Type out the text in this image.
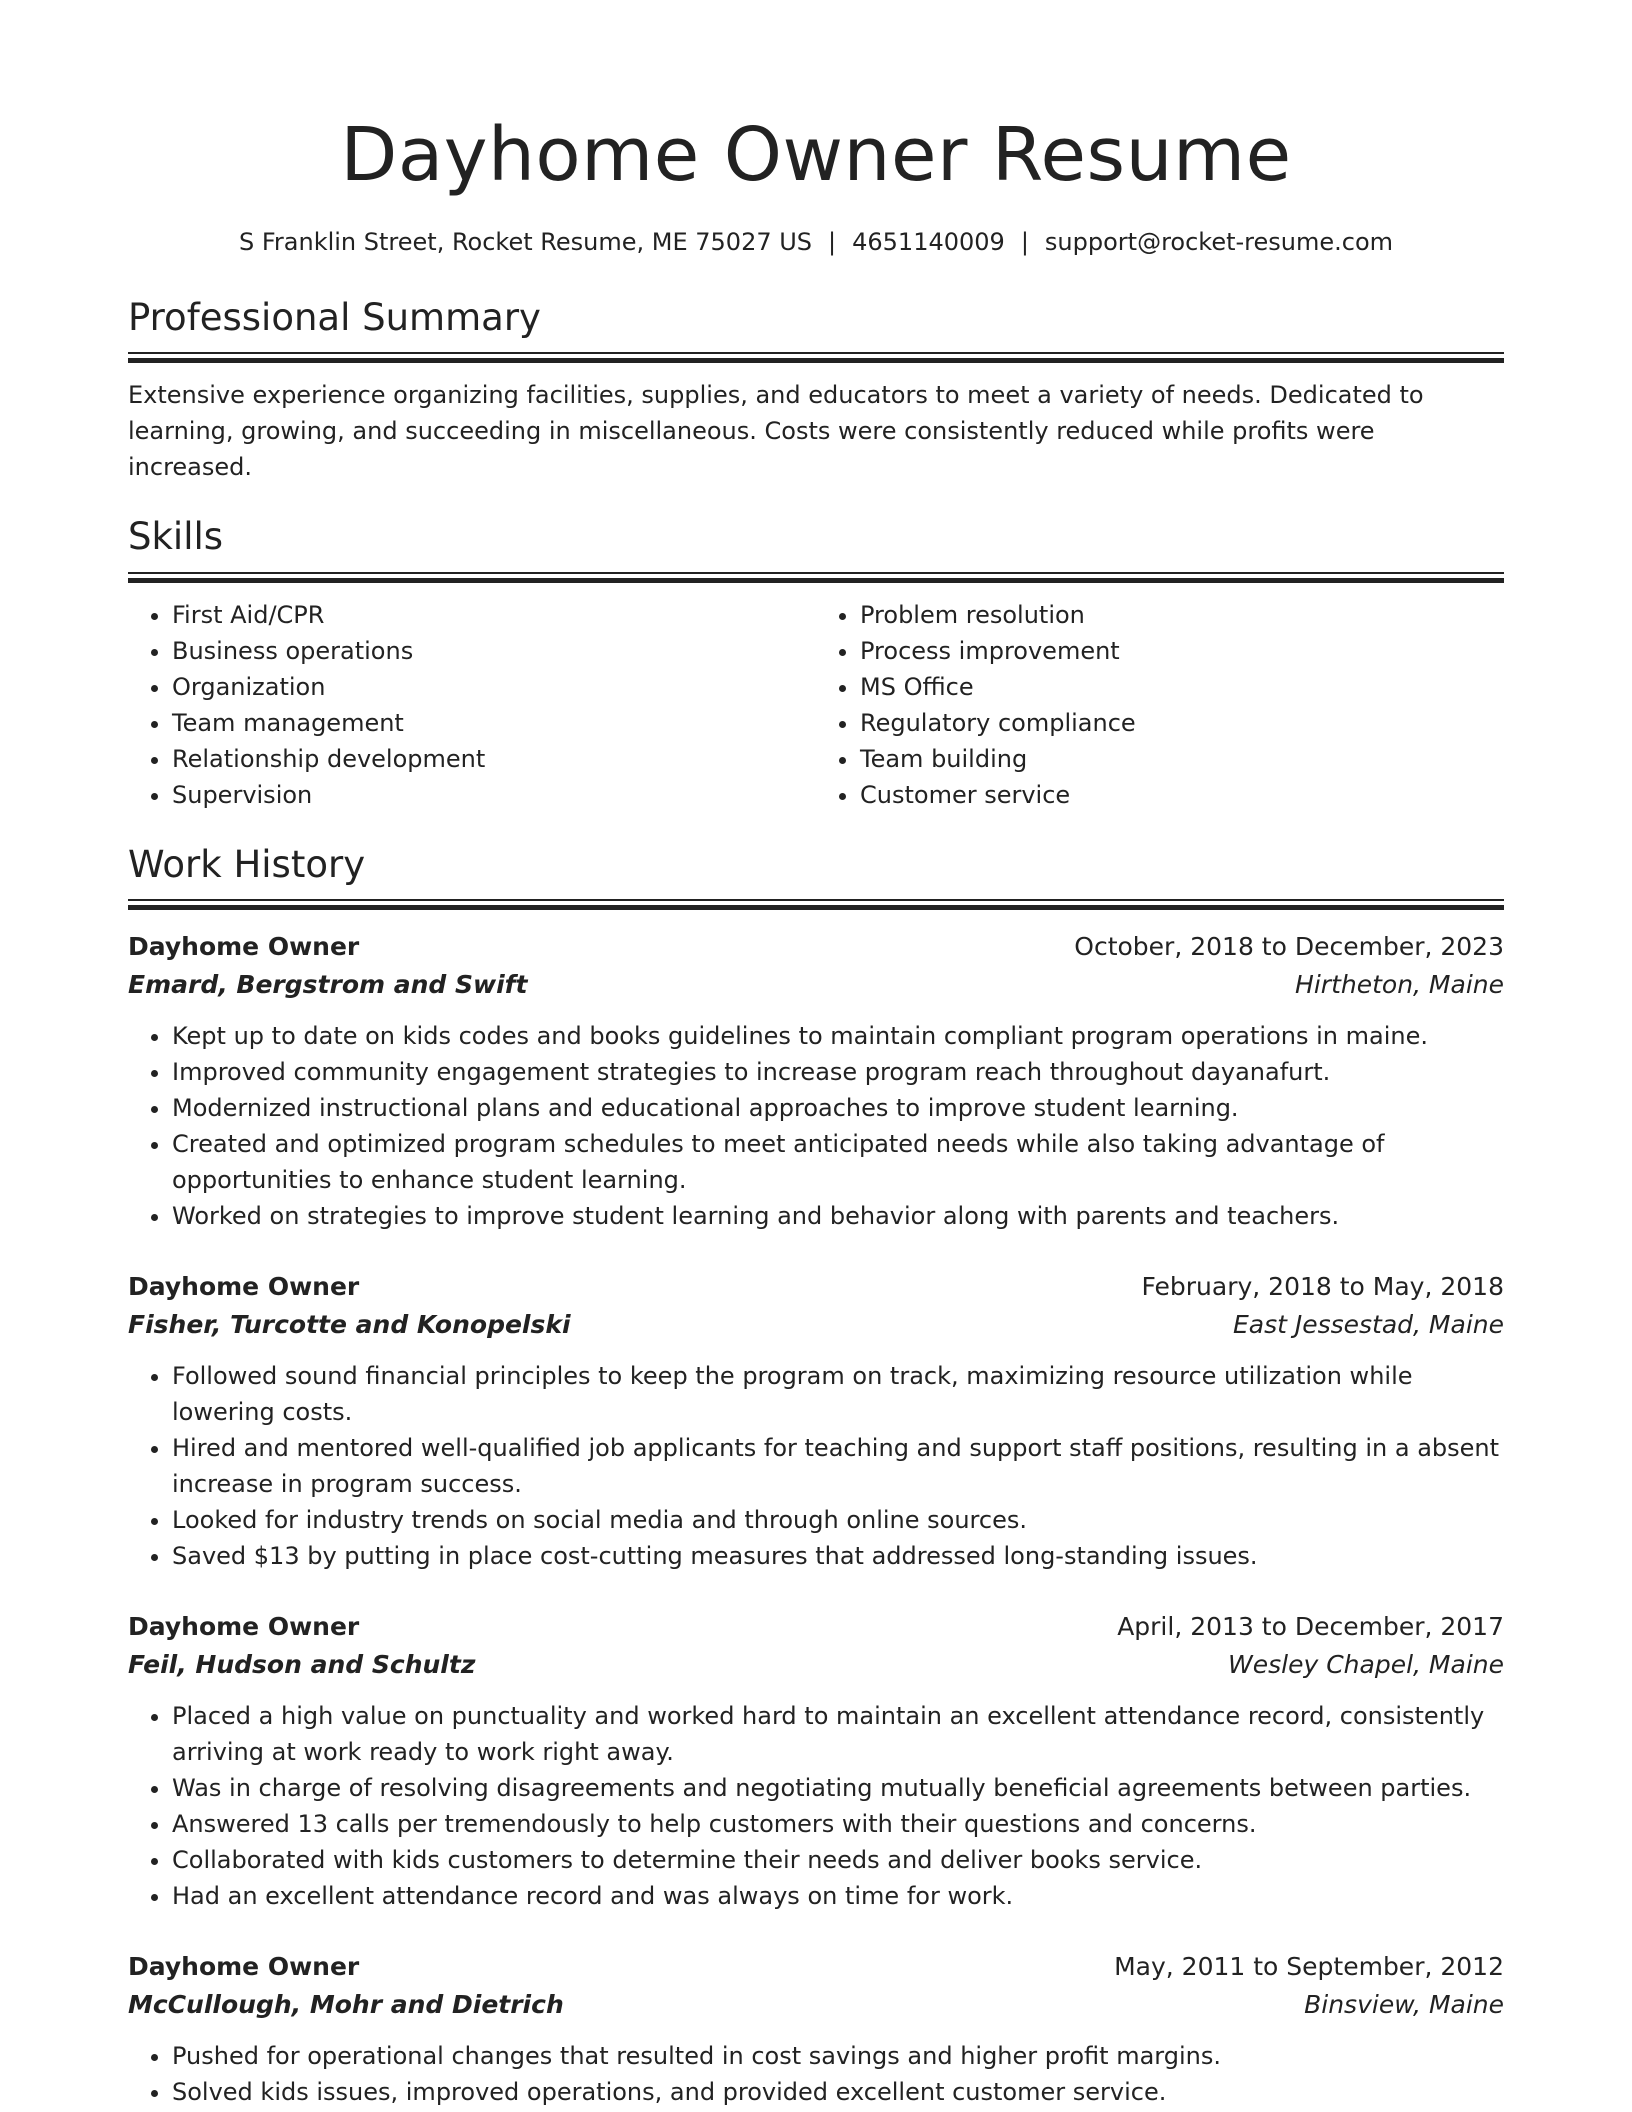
Dayhome Owner Resume
S Franklin Street, Rocket Resume, ME 75027 US | 4651140009 | support@rocket-resume.com
Professional Summary
Extensive experience organizing facilities, supplies, and educators to meet a variety of needs. Dedicated to learning, growing, and succeeding in miscellaneous. Costs were consistently reduced while profits were increased.
Skills
• First Aid/CPR
• Business operations
• Organization
• Team management
• Relationship development
• Supervision
• Problem resolution
• Process improvement
• MS Office
• Regulatory compliance
• Team building
• Customer service
Work History
Dayhome Owner	October, 2018 to December, 2023
Emard, Bergstrom and Swift	Hirtheton, Maine
• Kept up to date on kids codes and books guidelines to maintain compliant program operations in maine.
• Improved community engagement strategies to increase program reach throughout dayanafurt.
• Modernized instructional plans and educational approaches to improve student learning.
• Created and optimized program schedules to meet anticipated needs while also taking advantage of opportunities to enhance student learning.
• Worked on strategies to improve student learning and behavior along with parents and teachers.
Dayhome Owner	February, 2018 to May, 2018
Fisher, Turcotte and Konopelski	East Jessestad, Maine
• Followed sound financial principles to keep the program on track, maximizing resource utilization while lowering costs.
• Hired and mentored well-qualified job applicants for teaching and support staff positions, resulting in a absent increase in program success.
• Looked for industry trends on social media and through online sources.
• Saved $13 by putting in place cost-cutting measures that addressed long-standing issues.
Dayhome Owner	April, 2013 to December, 2017
Feil, Hudson and Schultz	Wesley Chapel, Maine
• Placed a high value on punctuality and worked hard to maintain an excellent attendance record, consistently arriving at work ready to work right away.
• Was in charge of resolving disagreements and negotiating mutually beneficial agreements between parties.
• Answered 13 calls per tremendously to help customers with their questions and concerns.
• Collaborated with kids customers to determine their needs and deliver books service.
• Had an excellent attendance record and was always on time for work.
Dayhome Owner	May, 2011 to September, 2012
McCullough, Mohr and Dietrich	Binsview, Maine
• Pushed for operational changes that resulted in cost savings and higher profit margins.
• Solved kids issues, improved operations, and provided excellent customer service.
